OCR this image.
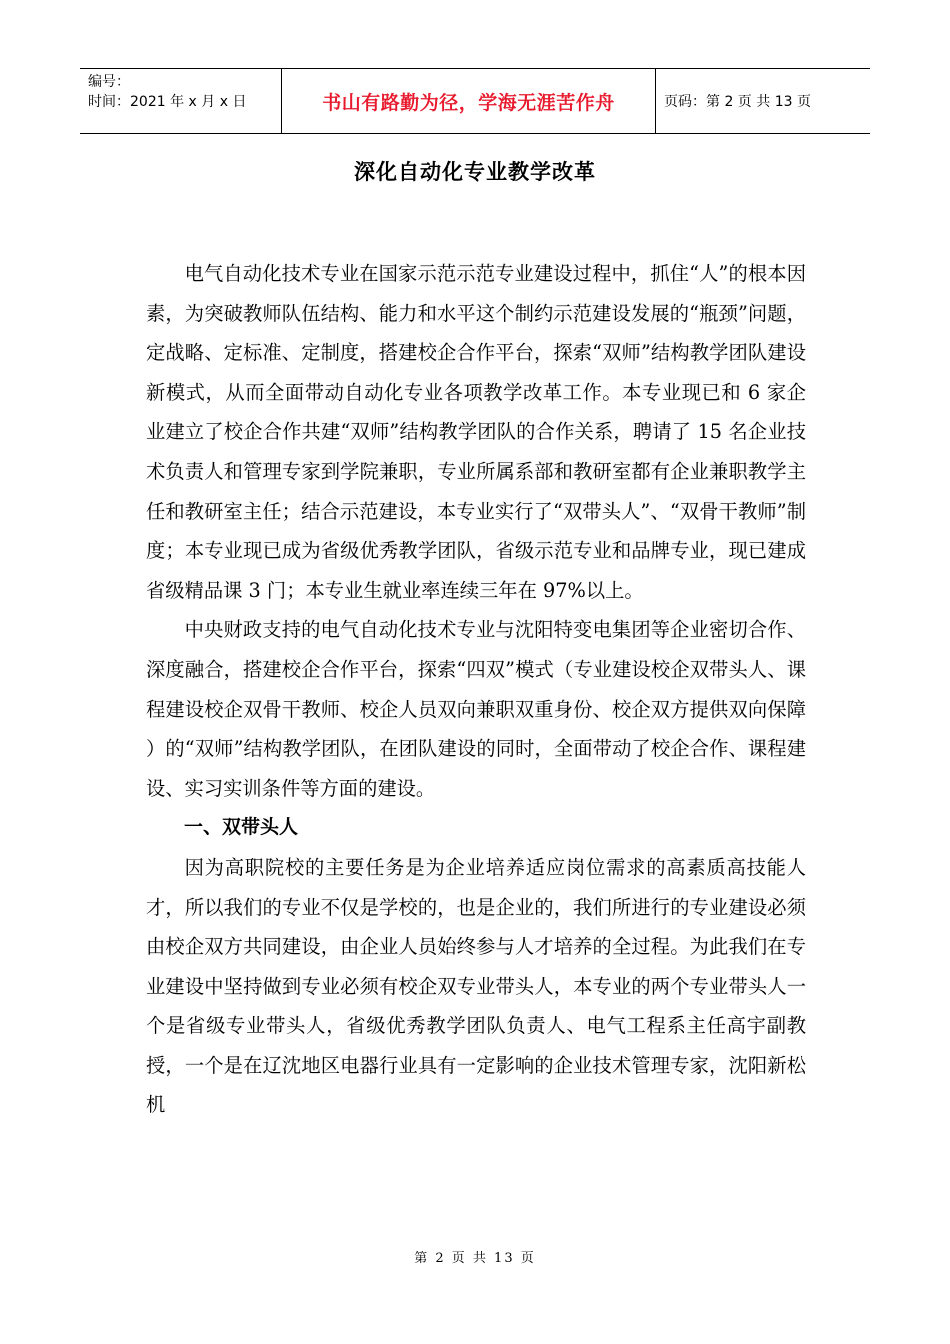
编号：
时间：2021 年 x 月 x 日	书山有路勤为径，学海无涯苦作舟	页码：第 2 页 共 13 页
深化自动化专业教学改革

电气自动化技术专业在国家示范示范专业建设过程中，抓住“人”的根本因素，为突破教师队伍结构、能力和水平这个制约示范建设发展的“瓶颈”问题，定战略、定标准、定制度，搭建校企合作平台，探索“双师”结构教学团队建设新模式，从而全面带动自动化专业各项教学改革工作。本专业现已和 6 家企业建立了校企合作共建“双师”结构教学团队的合作关系，聘请了 15 名企业技术负责人和管理专家到学院兼职，专业所属系部和教研室都有企业兼职教学主任和教研室主任；结合示范建设，本专业实行了“双带头人”、“双骨干教师”制度；本专业现已成为省级优秀教学团队，省级示范专业和品牌专业，现已建成省级精品课 3 门；本专业生就业率连续三年在 97%以上。

中央财政支持的电气自动化技术专业与沈阳特变电集团等企业密切合作、深度融合，搭建校企合作平台，探索“四双”模式（专业建设校企双带头人、课程建设校企双骨干教师、校企人员双向兼职双重身份、校企双方提供双向保障 ）的“双师”结构教学团队，在团队建设的同时，全面带动了校企合作、课程建设、实习实训条件等方面的建设。

一、双带头人

因为高职院校的主要任务是为企业培养适应岗位需求的高素质高技能人才，所以我们的专业不仅是学校的，也是企业的，我们所进行的专业建设必须由校企双方共同建设，由企业人员始终参与人才培养的全过程。为此我们在专业建设中坚持做到专业必须有校企双专业带头人，本专业的两个专业带头人一个是省级专业带头人，省级优秀教学团队负责人、电气工程系主任高宇副教授，一个是在辽沈地区电器行业具有一定影响的企业技术管理专家，沈阳新松机

第 2 页 共 13 页
